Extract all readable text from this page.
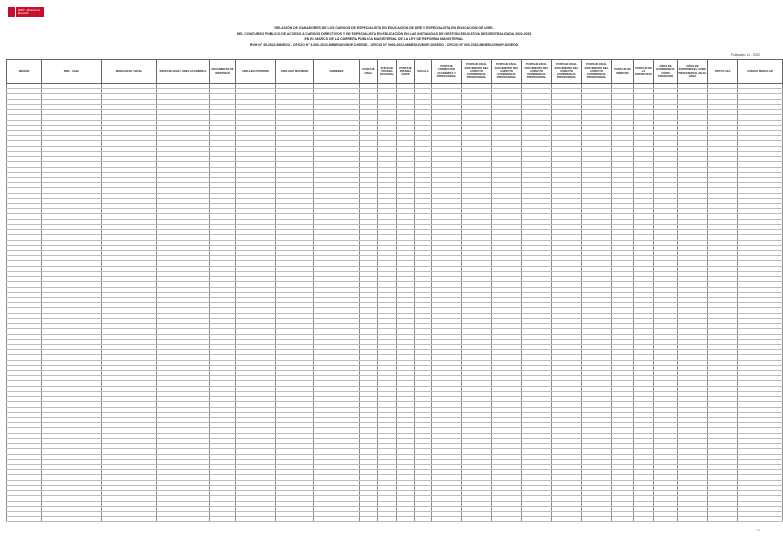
PERÚ · Ministerio de Educación
RELACIÓN DE GANADORES DE LOS CARGOS DE ESPECIALISTA EN EDUCACIÓN DE DRE Y ESPECIALISTA EN EDUCACIÓN DE UGEL
DEL CONCURSO PÚBLICO DE ACCESO A CARGOS DIRECTIVOS Y DE ESPECIALISTA EN EDUCACIÓN EN LAS INSTANCIAS DE GESTIÓN EDUCATIVA DESCENTRALIZADA 2022-2023
EN EL MARCO DE LA CARRERA PÚBLICA MAGISTERIAL DE LA LEY DE REFORMA MAGISTERIAL
RVM N° 45-2022-MINEDU - OFICIO N° 4-000-2022-MINEDU/VMGP-DIGEDD - OFICIO N° 0000-2022-MINEDU/VMGP-DIGEDD - OFICIO N° 000 2022-MINEDU/VMGP-DIGEDD
Publicado: 11 - 2022
REGIÓN	DRE - UGEL	MODALIDAD / NIVEL	ESPECIALIDAD / ÁREA ACADÉMICA	DOCUMENTO DE IDENTIDAD	APELLIDO PATERNO	APELLIDO MATERNO	NOMBRES	PUNTAJE FINAL	PUNTAJE PRUEBA NACIONAL	PUNTAJE PRUEBA COEIP	ESCALA	PUNTAJE FORMACIÓN ACADÉMICA Y PROFESIONAL	PUNTAJE EN EL DOCUMENTO DEL ASPECTO EXPERIENCIA PROFESIONAL	PUNTAJE EN EL DOCUMENTO DEL ASPECTO EXPERIENCIA PROFESIONAL	PUNTAJE EN EL DOCUMENTO DEL ASPECTO EXPERIENCIA PROFESIONAL	PUNTAJE EN EL DOCUMENTO DEL ASPECTO EXPERIENCIA PROFESIONAL	PUNTAJE EN EL DOCUMENTO DEL ASPECTO EXPERIENCIA PROFESIONAL	PUNTAJE DE MÉRITOS	PUNTAJE DE LA ENTREVISTA	AÑOS DE EXPERIENCIA COMO PROFESOR	AÑOS DE EXPERIENCIA COMO PROFESIONAL EN EL ÁREA	TIPO PLAZA	CÓDIGO MODULAR

1/2
